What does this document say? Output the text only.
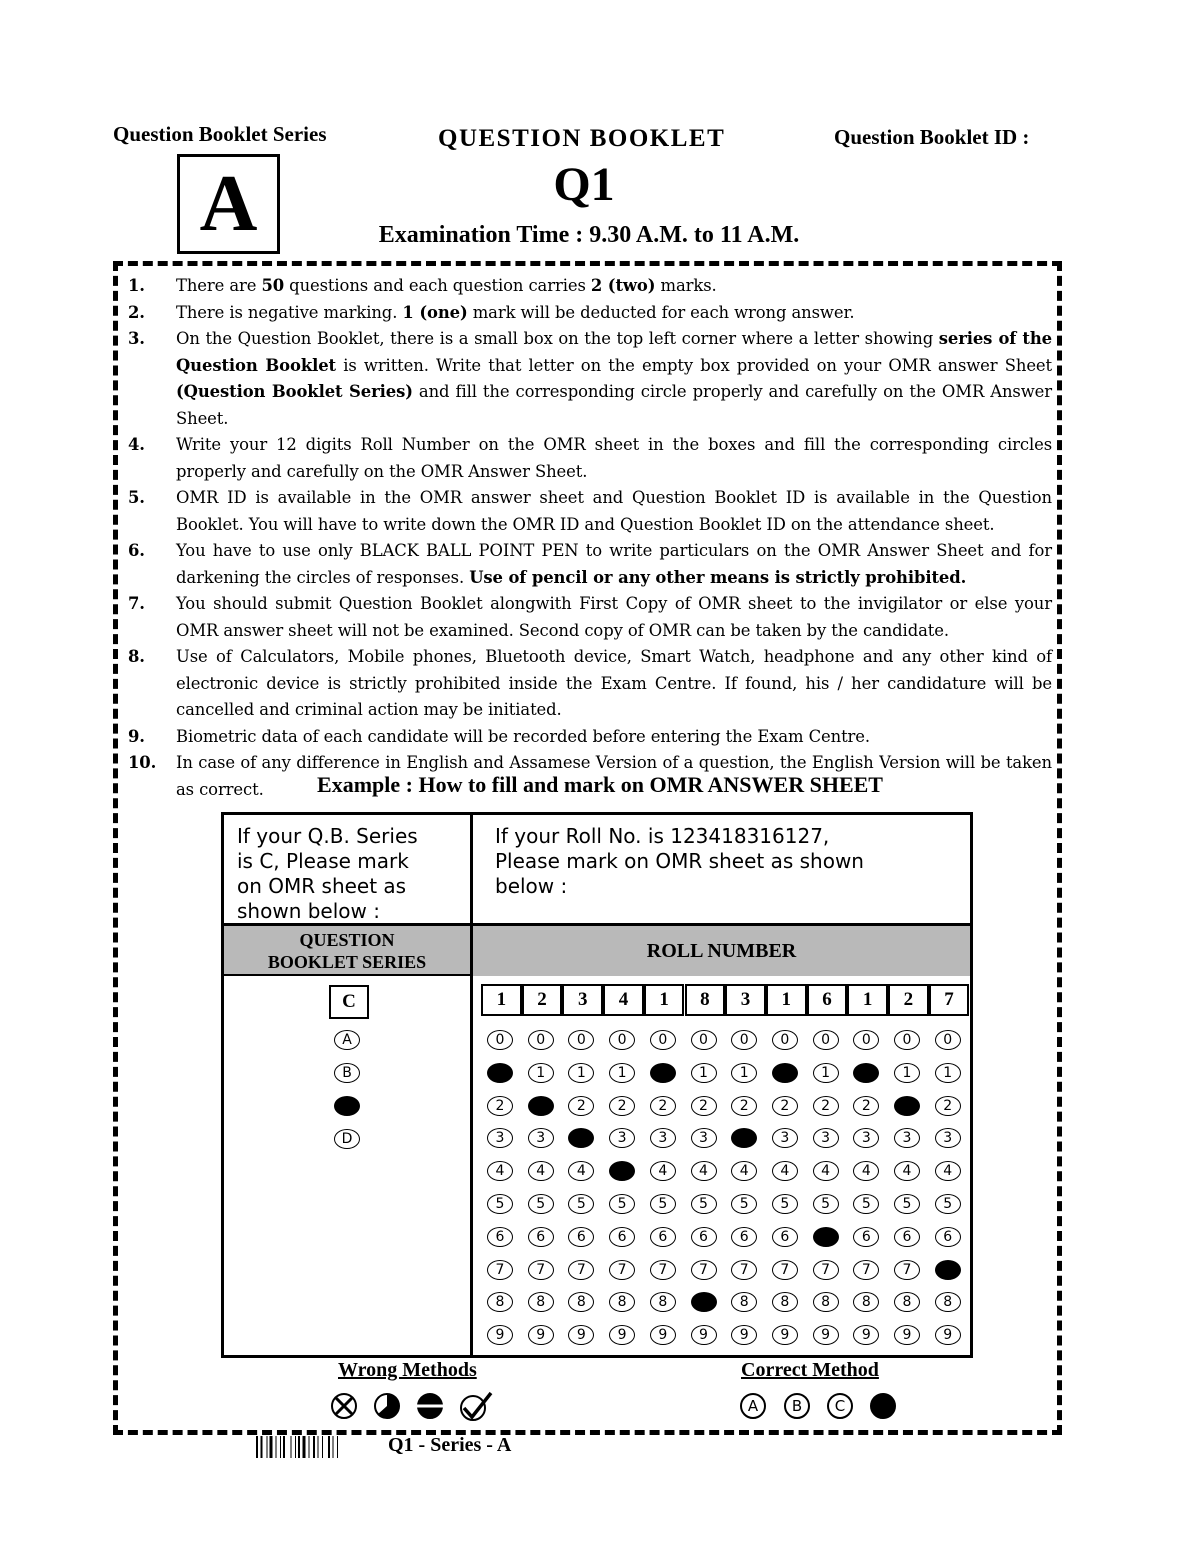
Question Booklet Series	QUESTION BOOKLET	Question Booklet ID :
A	Q1
Examination Time : 9.30 A.M. to 11 A.M.
1. There are 50 questions and each question carries 2 (two) marks.
2. There is negative marking. 1 (one) mark will be deducted for each wrong answer.
3. On the Question Booklet, there is a small box on the top left corner where a letter showing series of the Question Booklet is written. Write that letter on the empty box provided on your OMR answer Sheet (Question Booklet Series) and fill the corresponding circle properly and carefully on the OMR Answer Sheet.
4. Write your 12 digits Roll Number on the OMR sheet in the boxes and fill the corresponding circles properly and carefully on the OMR Answer Sheet.
5. OMR ID is available in the OMR answer sheet and Question Booklet ID is available in the Question Booklet. You will have to write down the OMR ID and Question Booklet ID on the attendance sheet.
6. You have to use only BLACK BALL POINT PEN to write particulars on the OMR Answer Sheet and for darkening the circles of responses. Use of pencil or any other means is strictly prohibited.
7. You should submit Question Booklet alongwith First Copy of OMR sheet to the invigilator or else your OMR answer sheet will not be examined. Second copy of OMR can be taken by the candidate.
8. Use of Calculators, Mobile phones, Bluetooth device, Smart Watch, headphone and any other kind of electronic device is strictly prohibited inside the Exam Centre. If found, his / her candidature will be cancelled and criminal action may be initiated.
9. Biometric data of each candidate will be recorded before entering the Exam Centre.
10. In case of any difference in English and Assamese Version of a question, the English Version will be taken as correct.	Example : How to fill and mark on OMR ANSWER SHEET
If your Q.B. Series
is C, Please mark
on OMR sheet as
shown below :
If your Roll No. is 123418316127,
Please mark on OMR sheet as shown
below :
QUESTION
BOOKLET SERIES	ROLL NUMBER
C
A
B
C
D
1	2	3	4	1	8	3	1	6	1	2	7
0	0	0	0	0	0	0	0	0	0	0	0
1	1	1	1	1	1	1	1	1	1	1	1
2	2	2	2	2	2	2	2	2	2	2	2
3	3	3	3	3	3	3	3	3	3	3	3
4	4	4	4	4	4	4	4	4	4	4	4
5	5	5	5	5	5	5	5	5	5	5	5
6	6	6	6	6	6	6	6	6	6	6	6
7	7	7	7	7	7	7	7	7	7	7	7
8	8	8	8	8	8	8	8	8	8	8	8
9	9	9	9	9	9	9	9	9	9	9	9
Wrong Methods	Correct Method
A	B	C
Q1 - Series - A
